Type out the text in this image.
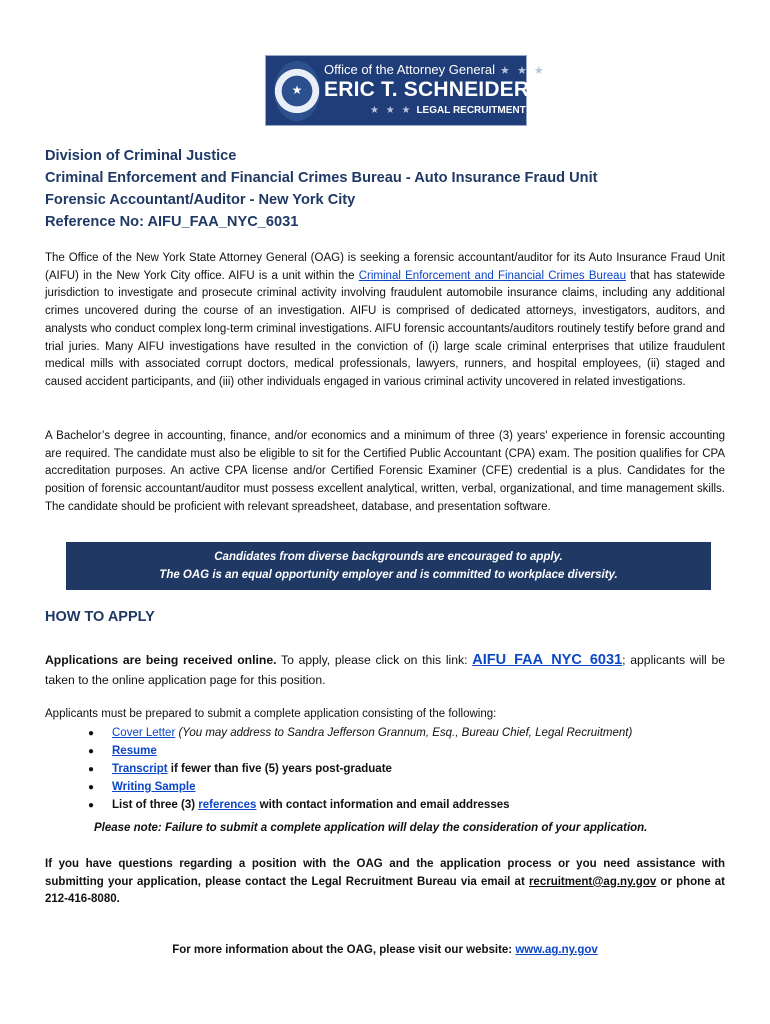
★
Office of the Attorney General ★ ★ ★
ERIC T. SCHNEIDERMAN
★ ★ ★ LEGAL RECRUITMENT BUREAU
Division of Criminal Justice
Criminal Enforcement and Financial Crimes Bureau - Auto Insurance Fraud Unit
Forensic Accountant/Auditor - New York City
Reference No: AIFU_FAA_NYC_6031

The Office of the New York State Attorney General (OAG) is seeking a forensic accountant/auditor for its Auto Insurance Fraud Unit (AIFU) in the New York City office. AIFU is a unit within the Criminal Enforcement and Financial Crimes Bureau that has statewide jurisdiction to investigate and prosecute criminal activity involving fraudulent automobile insurance claims, including any additional crimes uncovered during the course of an investigation. AIFU is comprised of dedicated attorneys, investigators, auditors, and analysts who conduct complex long-term criminal investigations. AIFU forensic accountants/auditors routinely testify before grand and trial juries. Many AIFU investigations have resulted in the conviction of (i) large scale criminal enterprises that utilize fraudulent medical mills with associated corrupt doctors, medical professionals, lawyers, runners, and hospital employees, (ii) staged and caused accident participants, and (iii) other individuals engaged in various criminal activity uncovered in related investigations.

A Bachelor’s degree in accounting, finance, and/or economics and a minimum of three (3) years' experience in forensic accounting are required. The candidate must also be eligible to sit for the Certified Public Accountant (CPA) exam. The position qualifies for CPA accreditation purposes. An active CPA license and/or Certified Forensic Examiner (CFE) credential is a plus. Candidates for the position of forensic accountant/auditor must possess excellent analytical, written, verbal, organizational, and time management skills. The candidate should be proficient with relevant spreadsheet, database, and presentation software.

Candidates from diverse backgrounds are encouraged to apply.
The OAG is an equal opportunity employer and is committed to workplace diversity.
HOW TO APPLY

Applications are being received online. To apply, please click on this link: AIFU_FAA_NYC_6031; applicants will be taken to the online application page for this position.

Applicants must be prepared to submit a complete application consisting of the following:

● Cover Letter (You may address to Sandra Jefferson Grannum, Esq., Bureau Chief, Legal Recruitment)
● Resume
● Transcript if fewer than five (5) years post-graduate
● Writing Sample
● List of three (3) references with contact information and email addresses

Please note: Failure to submit a complete application will delay the consideration of your application.

If you have questions regarding a position with the OAG and the application process or you need assistance with submitting your application, please contact the Legal Recruitment Bureau via email at recruitment@ag.ny.gov or phone at 212-416-8080.

For more information about the OAG, please visit our website: www.ag.ny.gov
